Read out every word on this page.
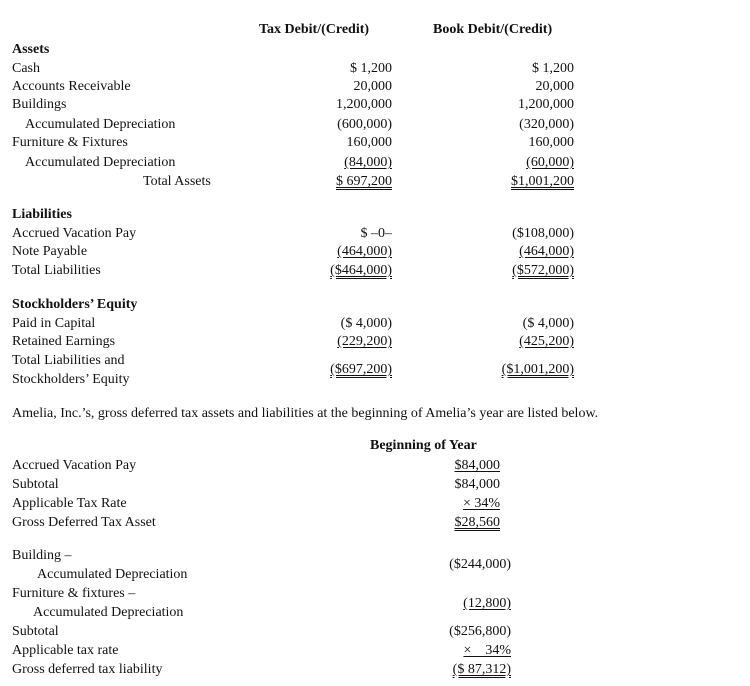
Tax Debit/(Credit)	Book Debit/(Credit)
Assets
Cash	$ 1,200	$ 1,200
Accounts Receivable	20,000	20,000
Buildings	1,200,000	1,200,000
Accumulated Depreciation	(600,000)	(320,000)
Furniture & Fixtures	160,000	160,000
Accumulated Depreciation	(84,000)	(60,000)
Total Assets	$ 697,200	$1,001,200
Liabilities
Accrued Vacation Pay	$ –0–	($108,000)
Note Payable	(464,000)	(464,000)
Total Liabilities	($464,000)	($572,000)
Stockholders’ Equity
Paid in Capital	($ 4,000)	($ 4,000)
Retained Earnings	(229,200)	(425,200)
Total Liabilities and
Stockholders’ Equity
($697,200)	($1,001,200)
Amelia, Inc.’s, gross deferred tax assets and liabilities at the beginning of Amelia’s year are listed below.
Beginning of Year
Accrued Vacation Pay	$84,000
Subtotal	$84,000
Applicable Tax Rate	× 34%
Gross Deferred Tax Asset	$28,560
Building –
Accumulated Depreciation
($244,000)
Furniture & fixtures –
Accumulated Depreciation
(12,800)
Subtotal	($256,800)
Applicable tax rate	×    34%
Gross deferred tax liability	($ 87,312)
